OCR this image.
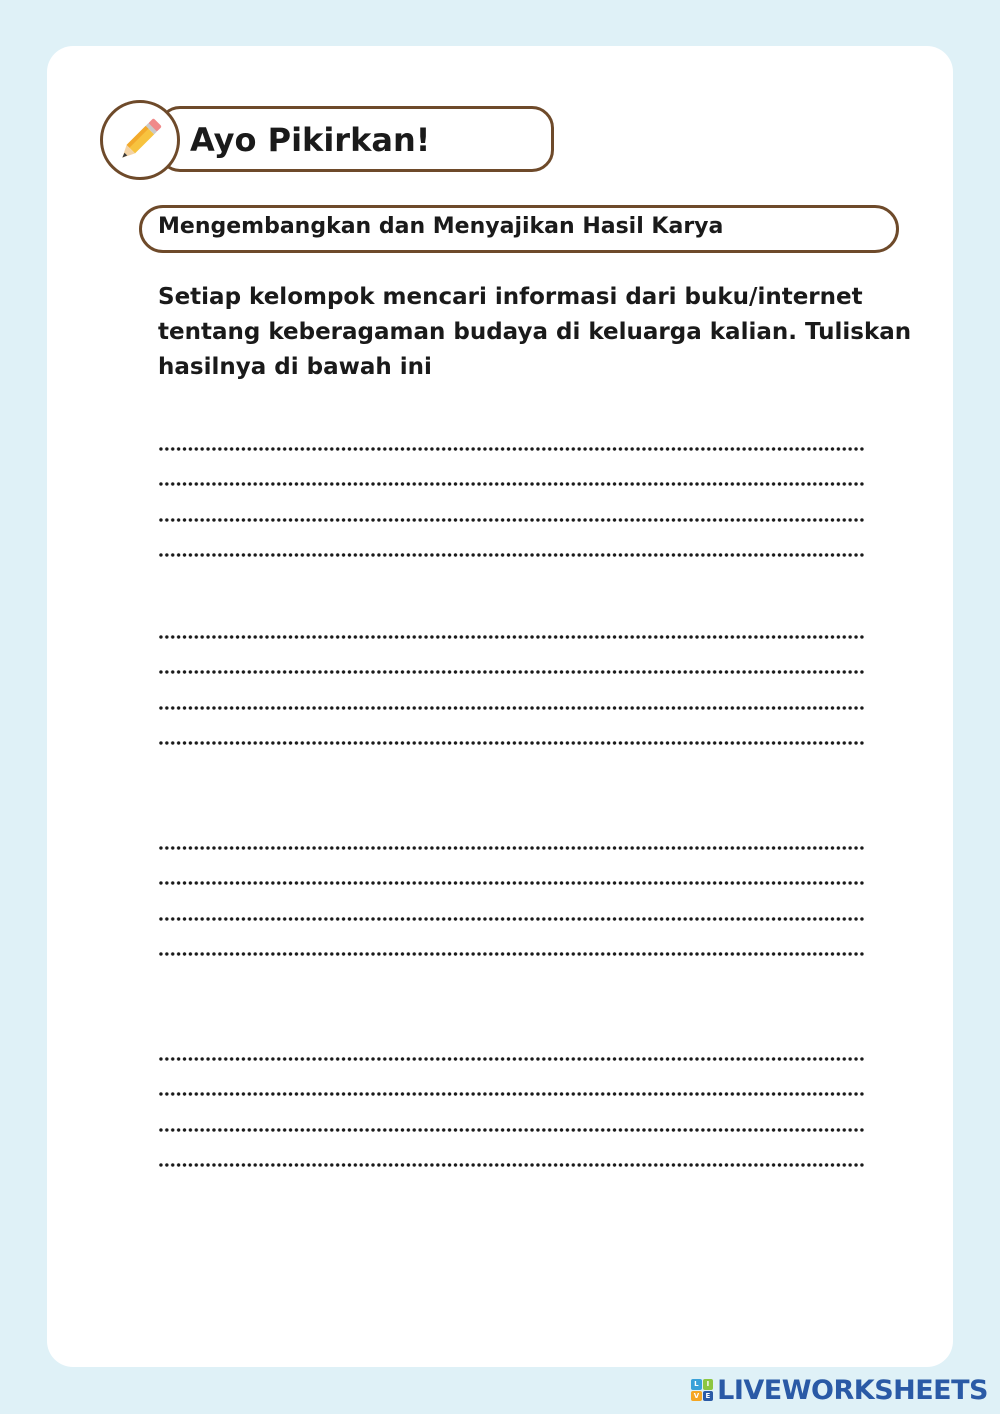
Ayo Pikirkan!
Mengembangkan dan Menyajikan Hasil Karya

Setiap kelompok mencari informasi dari buku/internet tentang keberagaman budaya di keluarga kalian. Tuliskan hasilnya di bawah ini

L	I
V E LIVEWORKSHEETS
